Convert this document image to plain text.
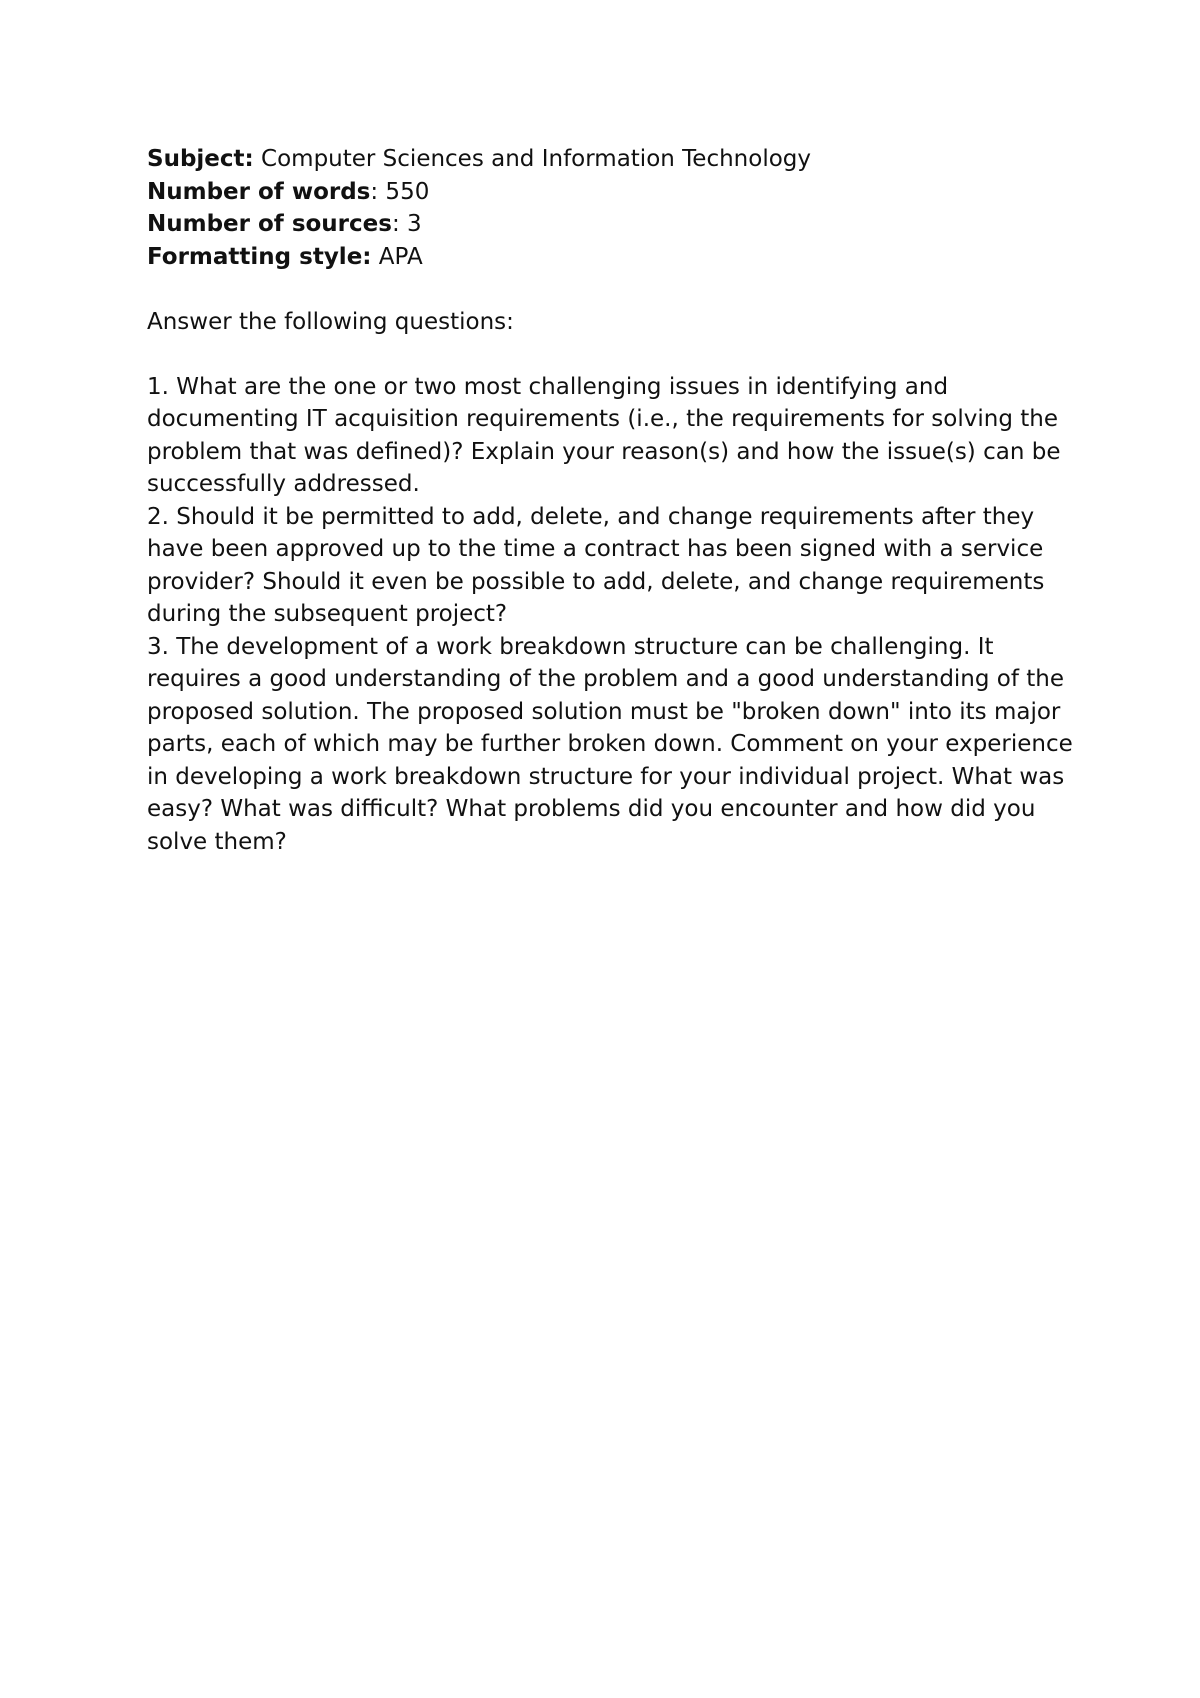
Subject: Computer Sciences and Information Technology

Number of words: 550

Number of sources: 3

Formatting style: APA

Answer the following questions:

1. What are the one or two most challenging issues in identifying and documenting IT acquisition requirements (i.e., the requirements for solving the problem that was defined)? Explain your reason(s) and how the issue(s) can be successfully addressed.

2. Should it be permitted to add, delete, and change requirements after they have been approved up to the time a contract has been signed with a service provider? Should it even be possible to add, delete, and change requirements during the subsequent project?

3. The development of a work breakdown structure can be challenging. It requires a good understanding of the problem and a good understanding of the proposed solution. The proposed solution must be "broken down" into its major parts, each of which may be further broken down. Comment on your experience in developing a work breakdown structure for your individual project. What was easy? What was difficult? What problems did you encounter and how did you solve them?
